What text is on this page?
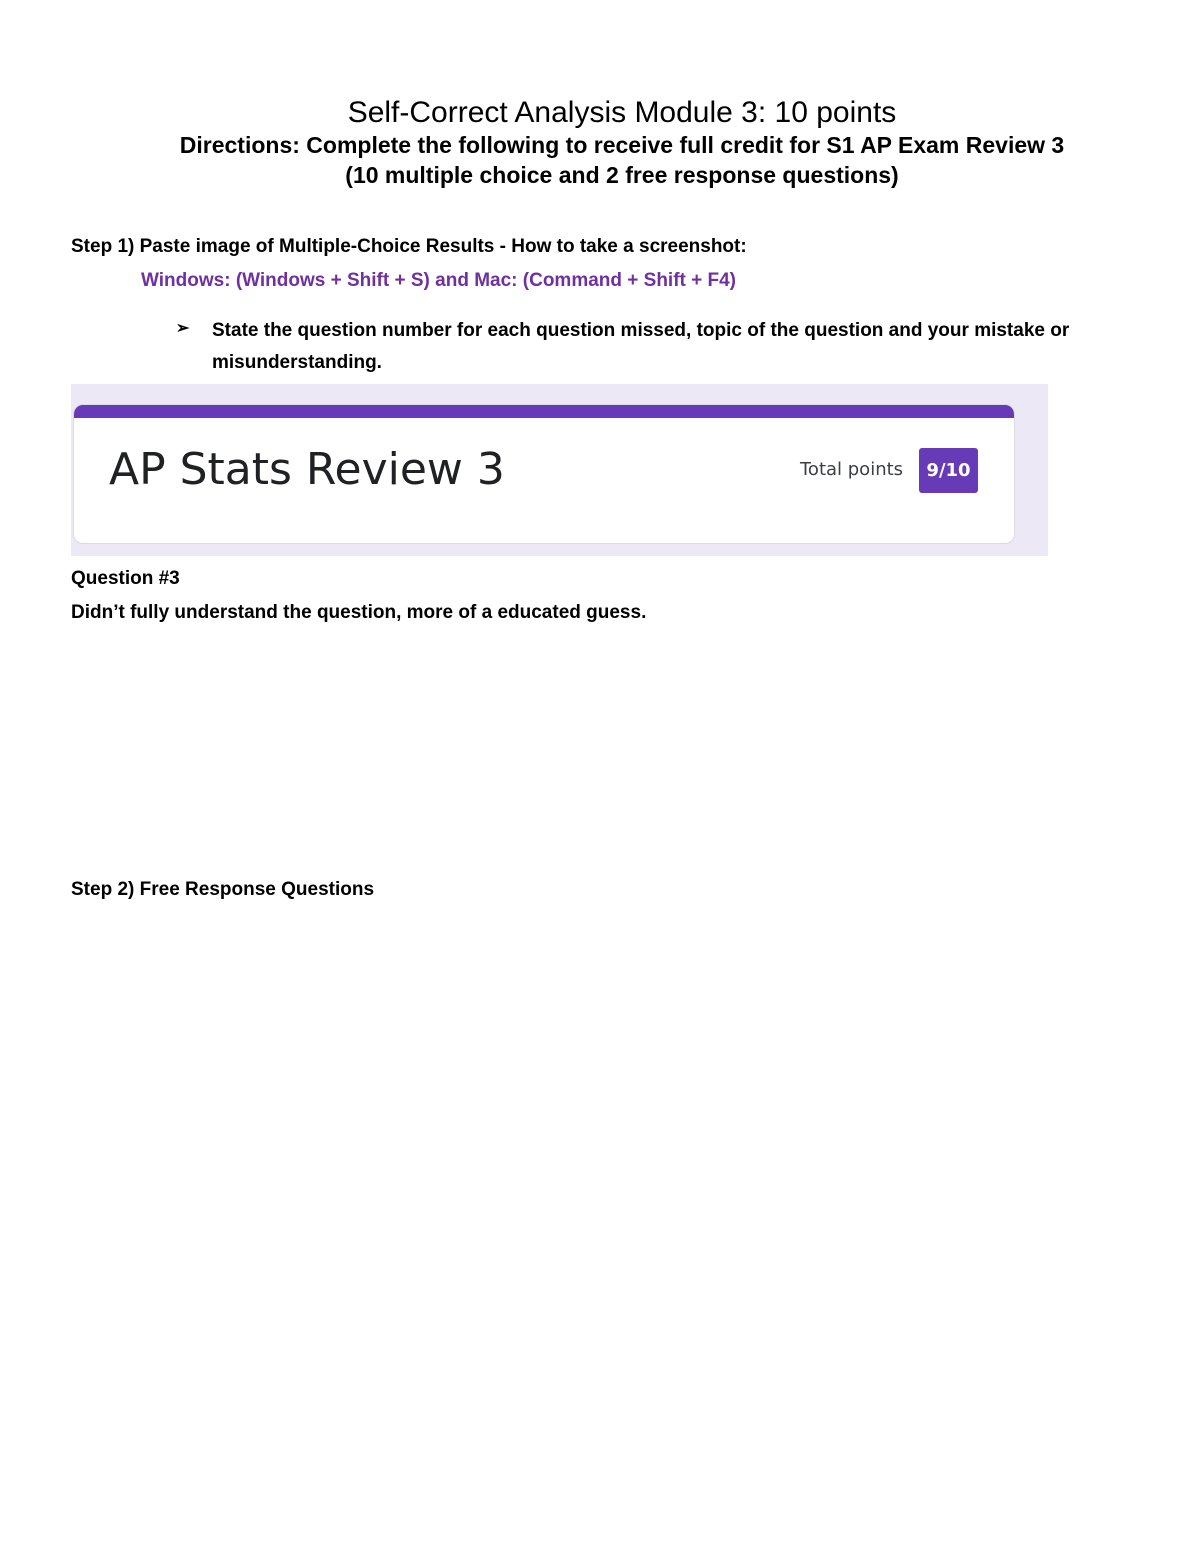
Self-Correct Analysis Module 3: 10 points
Directions: Complete the following to receive full credit for S1 AP Exam Review 3
(10 multiple choice and 2 free response questions)
Step 1) Paste image of Multiple-Choice Results - How to take a screenshot:
Windows: (Windows + Shift + S) and Mac: (Command + Shift + F4)
➢ State the question number for each question missed, topic of the question and your mistake or misunderstanding.
AP Stats Review 3	Total points	9/10
Question #3
Didn’t fully understand the question, more of a educated guess.
Step 2) Free Response Questions
